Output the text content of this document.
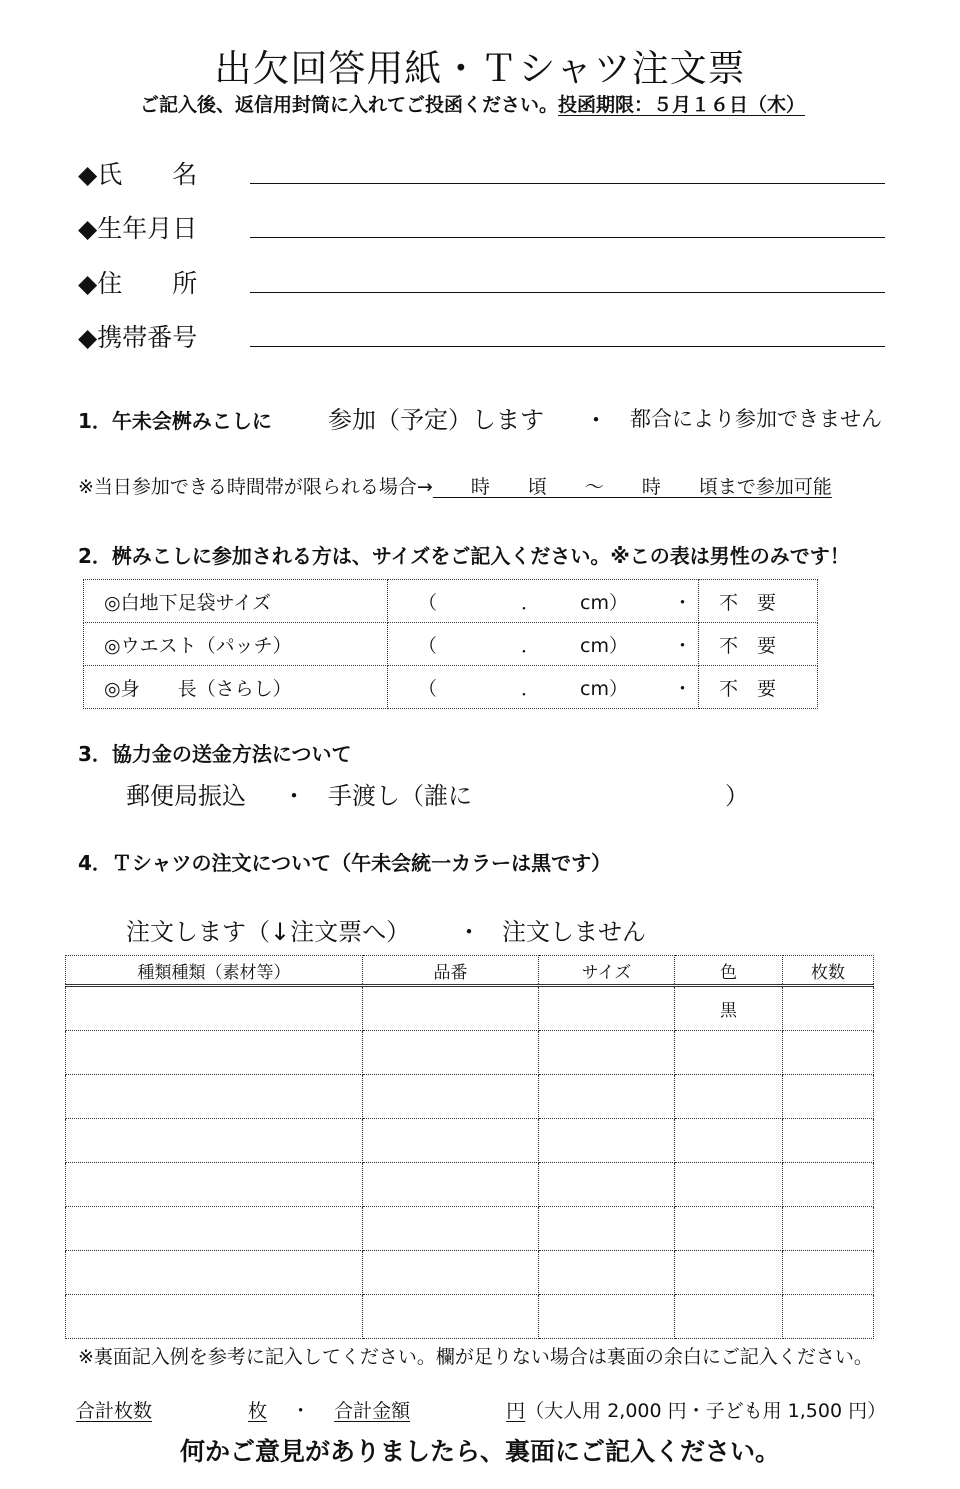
出欠回答用紙・Ｔシャツ注文票
ご記入後、返信用封筒に入れてご投函ください。投函期限：５月１６日（木）
◆氏　　名
◆生年月日
◆住　　所
◆携帯番号
1．午未会桝みこしに 参加（予定）します ・ 都合により参加できません
※当日参加できる時間帯が限られる場合→　　時　　頃　　～　　時　　頃まで参加可能
2．桝みこしに参加される方は、サイズをご記入ください。※この表は男性のみです！
◎白地下足袋サイズ	（ ． cm） ・	不　要
◎ウエスト（パッチ）	（ ． cm） ・	不　要
◎身　　長（さらし）	（ ． cm） ・	不　要
3．協力金の送金方法について
郵便局振込 ・ 手渡し（誰に	）
4．Ｔシャツの注文について（午未会統一カラーは黒です）
注文します（↓注文票へ） ・ 注文しません
種類種類（素材等）	品番	サイズ	色	枚数
			黒	

※裏面記入例を参考に記入してください。欄が足りない場合は裏面の余白にご記入ください。
合計枚数	枚 ・ 合計金額	円（大人用 2,000 円・子ども用 1,500 円）
何かご意見がありましたら、裏面にご記入ください。
